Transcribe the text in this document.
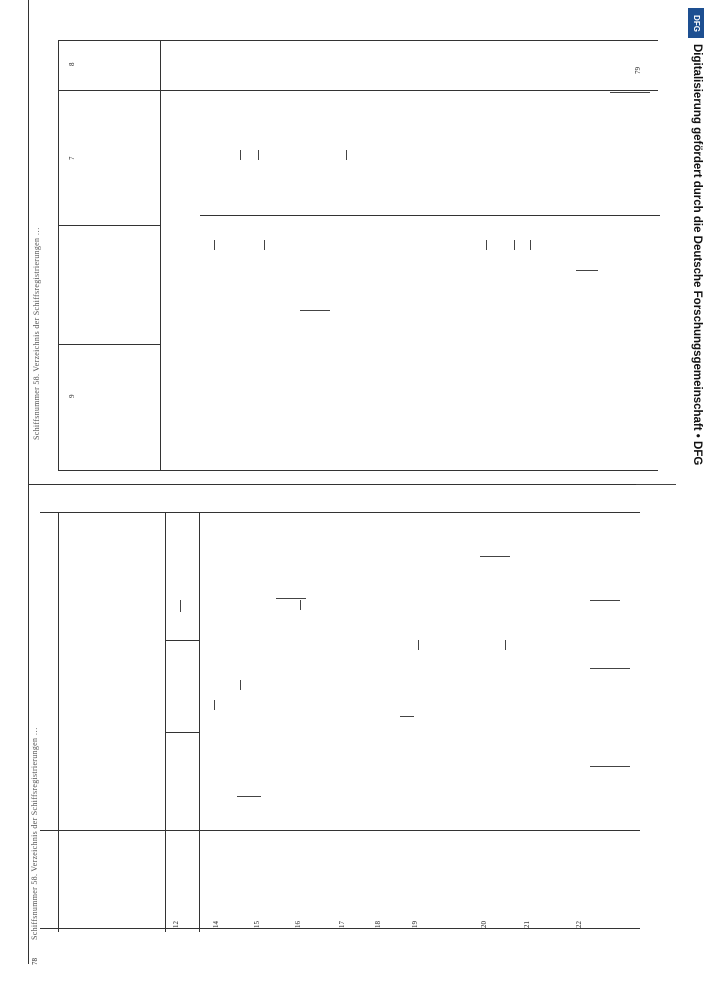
Schiffsnummer 58. Verzeichnis der Schiffsregistrierungen …
78
12	14	15	16	17	18	19	20	21	22
Schiffsnummer 58. Verzeichnis der Schiffsregistrierungen …
7
8
9
79
DFG
Digitalisierung gefördert durch die Deutsche Forschungsgemeinschaft • DFG
